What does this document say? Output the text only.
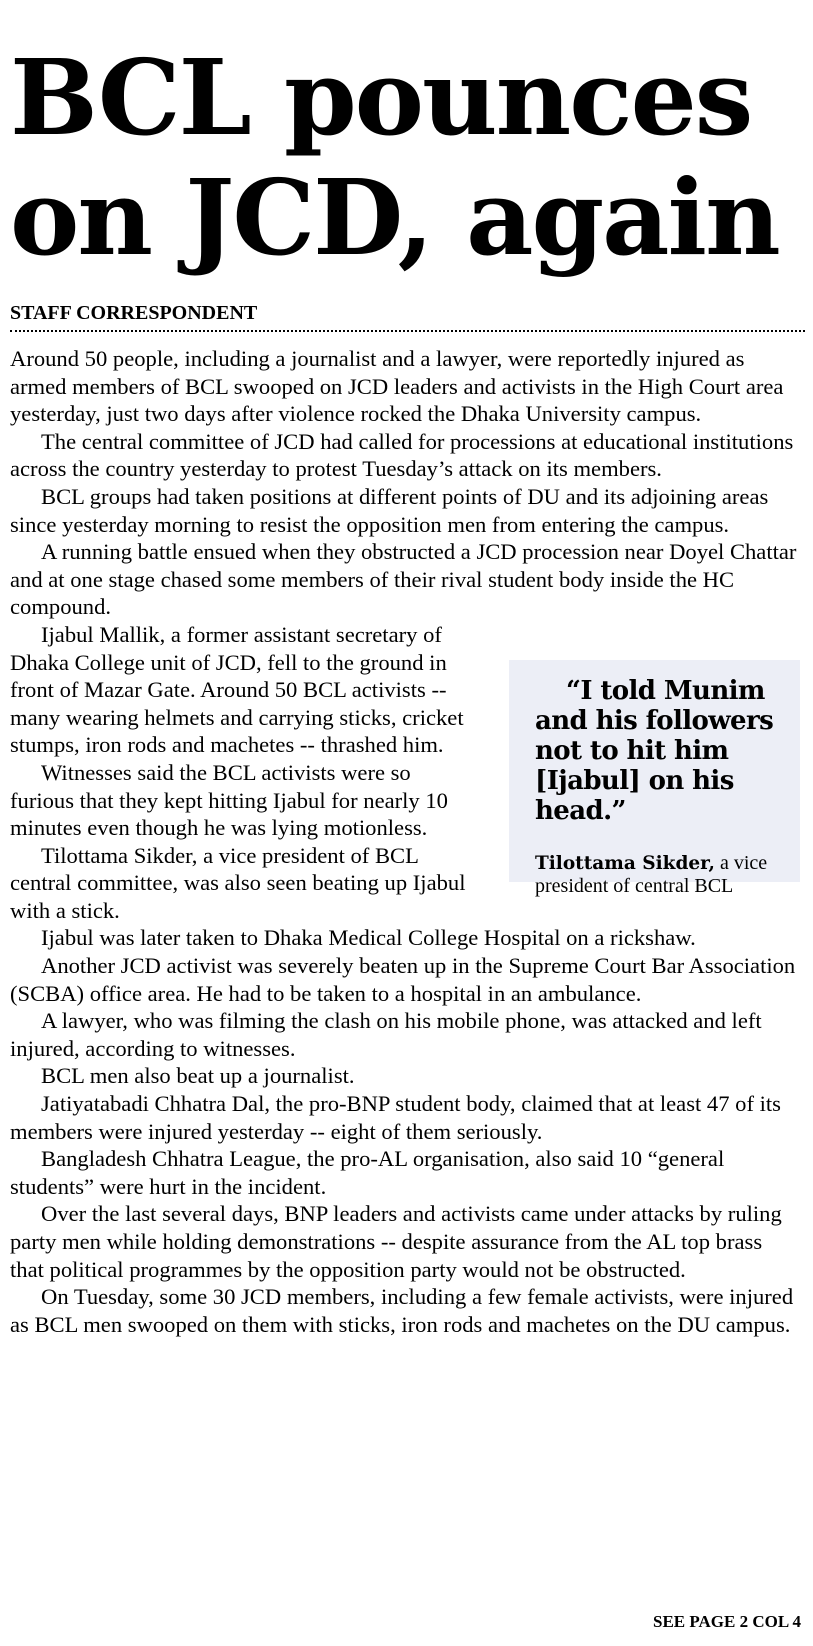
BCL pounces
on JCD, again
STAFF CORRESPONDENT

Around 50 people, including a journalist and a lawyer, were reportedly injured as armed members of BCL swooped on JCD leaders and activists in the High Court area yesterday, just two days after violence rocked the Dhaka University campus.

The central committee of JCD had called for processions at educational institutions across the country yesterday to protest Tuesday’s attack on its members.

BCL groups had taken positions at different points of DU and its adjoining areas since yesterday morning to resist the opposition men from entering the campus.

A running battle ensued when they obstructed a JCD procession near Doyel Chattar and at one stage chased some members of their rival student body inside the HC compound.

“I told Munim and his followers not to hit him [Ijabul] on his head.”

Tilottama Sikder, a vice president of central BCL

Ijabul Mallik, a former assistant secretary of Dhaka College unit of JCD, fell to the ground in front of Mazar Gate. Around 50 BCL activists -- many wearing helmets and carrying sticks, cricket stumps, iron rods and machetes -- thrashed him.

Witnesses said the BCL activists were so furious that they kept hitting Ijabul for nearly 10 minutes even though he was lying motionless.

Tilottama Sikder, a vice president of BCL central committee, was also seen beating up Ijabul with a stick.

Ijabul was later taken to Dhaka Medical College Hospital on a rickshaw.

Another JCD activist was severely beaten up in the Supreme Court Bar Association (SCBA) office area. He had to be taken to a hospital in an ambulance.

A lawyer, who was filming the clash on his mobile phone, was attacked and left injured, according to witnesses.

BCL men also beat up a journalist.

Jatiyatabadi Chhatra Dal, the pro-BNP student body, claimed that at least 47 of its members were injured yesterday -- eight of them seriously.

Bangladesh Chhatra League, the pro-AL organisation, also said 10 “general students” were hurt in the incident.

Over the last several days, BNP leaders and activists came under attacks by ruling party men while holding demonstrations -- despite assurance from the AL top brass that political programmes by the opposition party would not be obstructed.

On Tuesday, some 30 JCD members, including a few female activists, were injured as BCL men swooped on them with sticks, iron rods and machetes on the DU campus.

SEE PAGE 2 COL 4
